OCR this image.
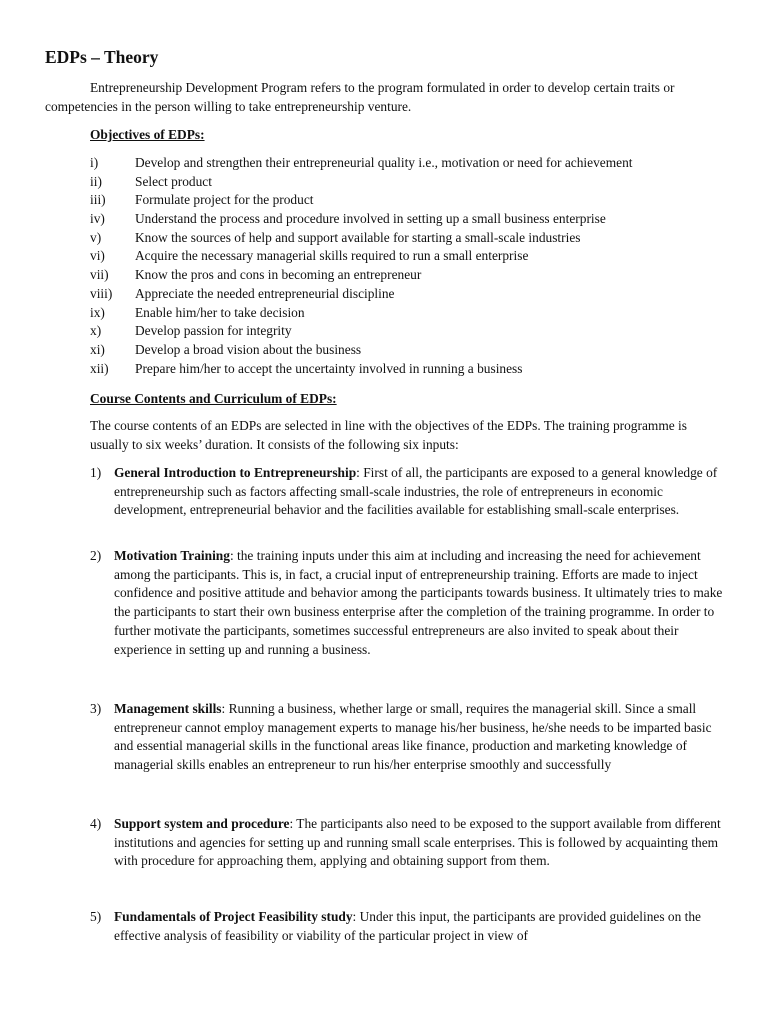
EDPs – Theory

Entrepreneurship Development Program refers to the program formulated in order to develop certain traits or competencies in the person willing to take entrepreneurship venture.

Objectives of EDPs:

i)	Develop and strengthen their entrepreneurial quality i.e., motivation or need for achievement
ii)	Select product
iii)	Formulate project for the product
iv)	Understand the process and procedure involved in setting up a small business enterprise
v)	Know the sources of help and support available for starting a small-scale industries
vi)	Acquire the necessary managerial skills required to run a small enterprise
vii)	Know the pros and cons in becoming an entrepreneur
viii)	Appreciate the needed entrepreneurial discipline
ix)	Enable him/her to take decision
x)	Develop passion for integrity
xi)	Develop a broad vision about the business
xii)	Prepare him/her to accept the uncertainty involved in running a business

Course Contents and Curriculum of EDPs:

The course contents of an EDPs are selected in line with the objectives of the EDPs. The training programme is usually to six weeks’ duration. It consists of the following six inputs:

1) General Introduction to Entrepreneurship: First of all, the participants are exposed to a general knowledge of entrepreneurship such as factors affecting small-scale industries, the role of entrepreneurs in economic development, entrepreneurial behavior and the facilities available for establishing small-scale enterprises.
2) Motivation Training: the training inputs under this aim at including and increasing the need for achievement among the participants. This is, in fact, a crucial input of entrepreneurship training. Efforts are made to inject confidence and positive attitude and behavior among the participants towards business. It ultimately tries to make the participants to start their own business enterprise after the completion of the training programme. In order to further motivate the participants, sometimes successful entrepreneurs are also invited to speak about their experience in setting up and running a business.
3) Management skills: Running a business, whether large or small, requires the managerial skill. Since a small entrepreneur cannot employ management experts to manage his/her business, he/she needs to be imparted basic and essential managerial skills in the functional areas like finance, production and marketing knowledge of managerial skills enables an entrepreneur to run his/her enterprise smoothly and successfully
4) Support system and procedure: The participants also need to be exposed to the support available from different institutions and agencies for setting up and running small scale enterprises. This is followed by acquainting them with procedure for approaching them, applying and obtaining support from them.
5) Fundamentals of Project Feasibility study: Under this input, the participants are provided guidelines on the effective analysis of feasibility or viability of the particular project in view of
